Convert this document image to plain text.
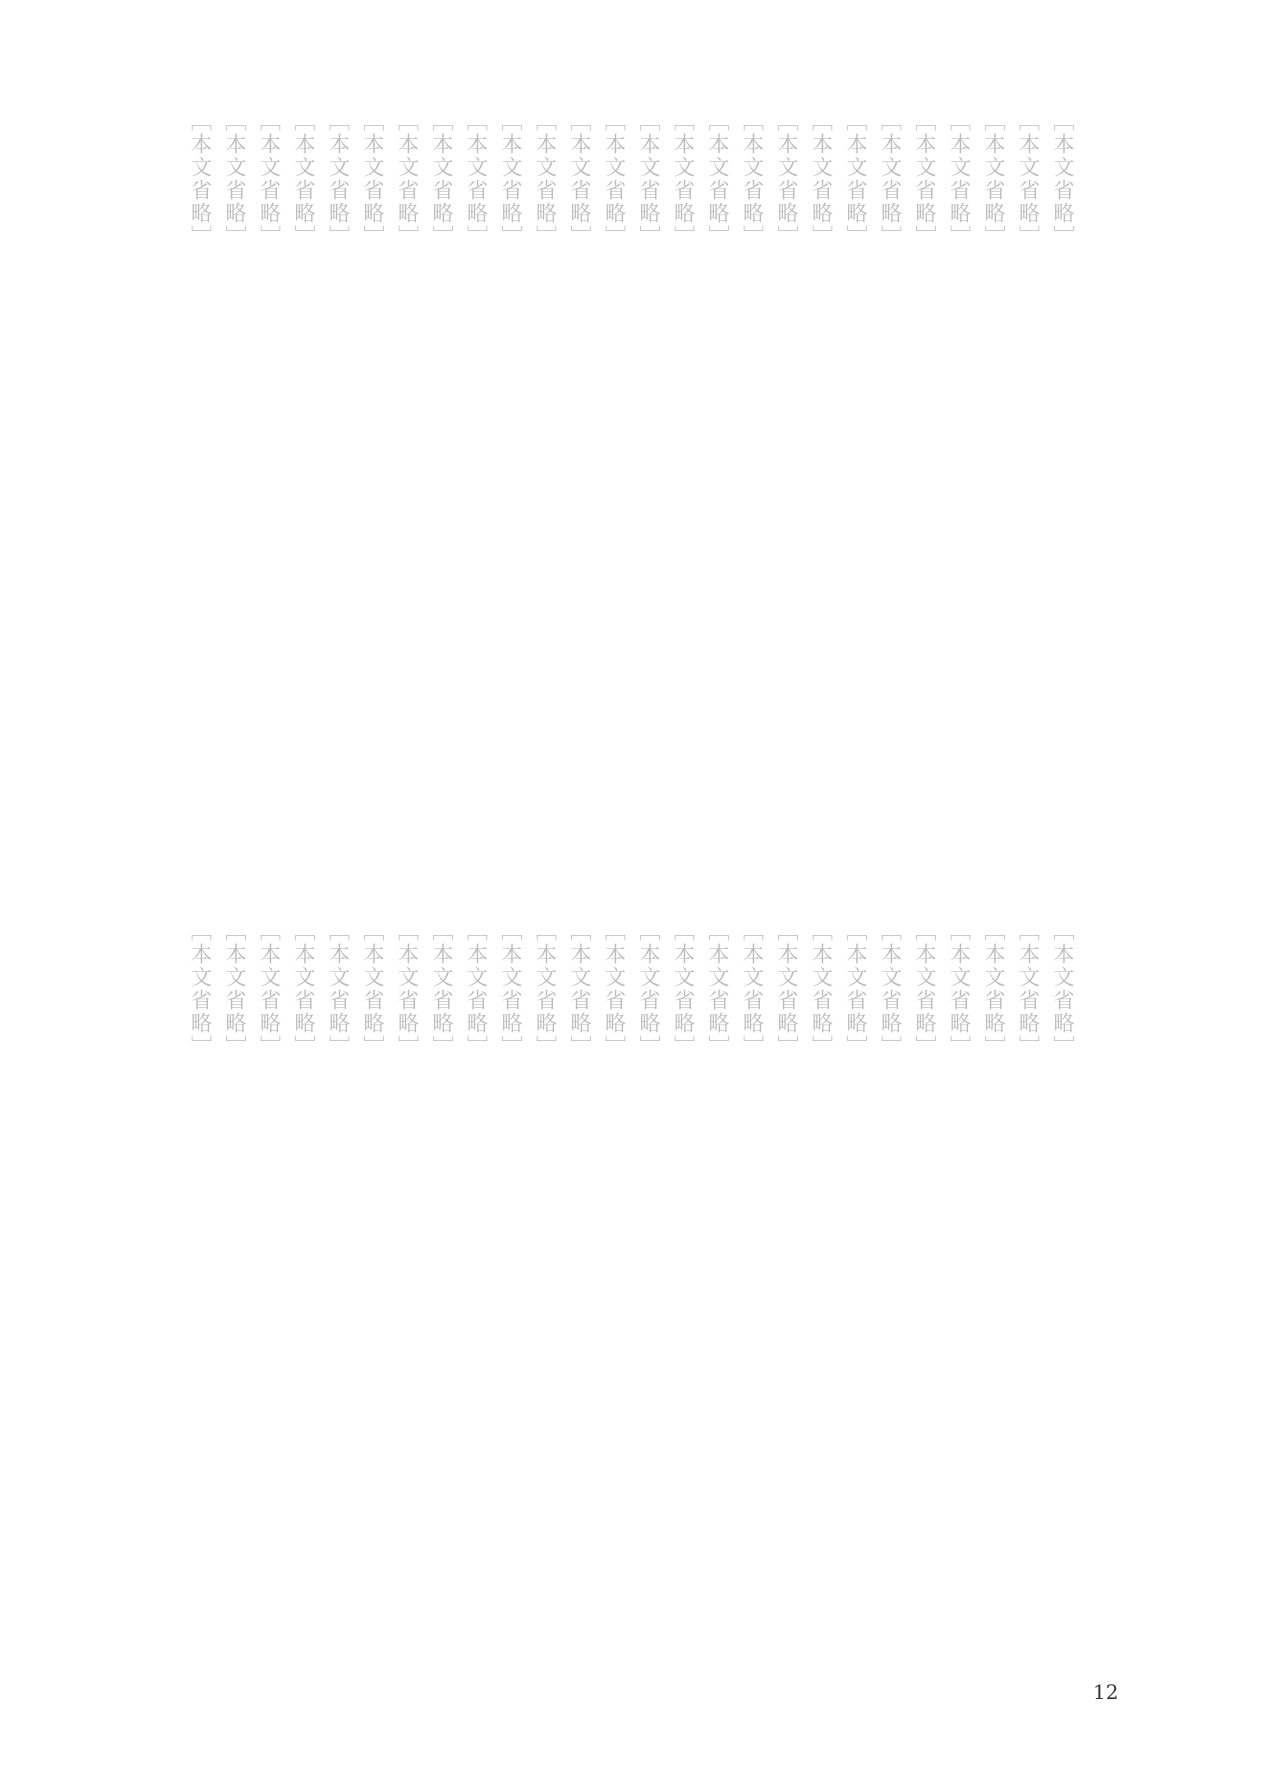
［本文省略］
［本文省略］
［本文省略］
［本文省略］
［本文省略］
［本文省略］
［本文省略］
［本文省略］
［本文省略］
［本文省略］
［本文省略］
［本文省略］
［本文省略］
［本文省略］
［本文省略］
［本文省略］
［本文省略］
［本文省略］
［本文省略］
［本文省略］
［本文省略］
［本文省略］
［本文省略］
［本文省略］
［本文省略］
［本文省略］
［本文省略］
［本文省略］
［本文省略］
［本文省略］
［本文省略］
［本文省略］
［本文省略］
［本文省略］
［本文省略］
［本文省略］
［本文省略］
［本文省略］
［本文省略］
［本文省略］
［本文省略］
［本文省略］
［本文省略］
［本文省略］
［本文省略］
［本文省略］
［本文省略］
［本文省略］
［本文省略］
［本文省略］
［本文省略］
［本文省略］
12
